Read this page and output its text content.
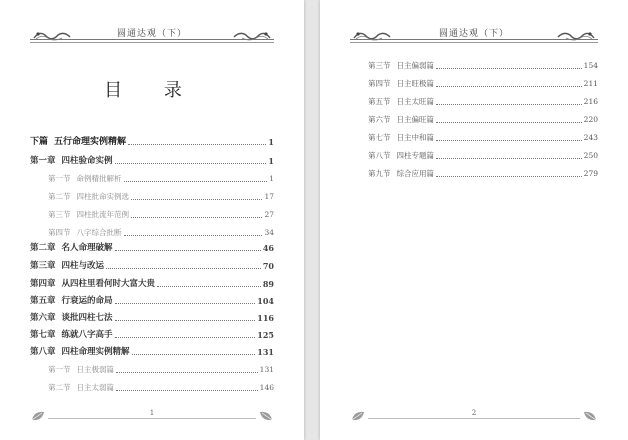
圆通达观（下）
目 录
下篇 五行命理实例精解	1
第一章 四柱验命实例	1
第一节 命例精批解析	1
第二节 四柱批命实例选	17
第三节 四柱批流年范例	27
第四节 八字综合批断	34
第二章 名人命理破解	46
第三章 四柱与改运	70
第四章 从四柱里看何时大富大贵	89
第五章 行衰运的命局	104
第六章 谈批四柱七法	116
第七章 练就八字高手	125
第八章 四柱命理实例精解	131
第一节 日主极弱篇	131
第二节 日主太弱篇	146
1
圆通达观（下）
第三节 日主偏弱篇	154
第四节 日主旺极篇	211
第五节 日主太旺篇	216
第六节 日主偏旺篇	220
第七节 日主中和篇	243
第八节 四柱专题篇	250
第九节 综合应用篇	279
2
